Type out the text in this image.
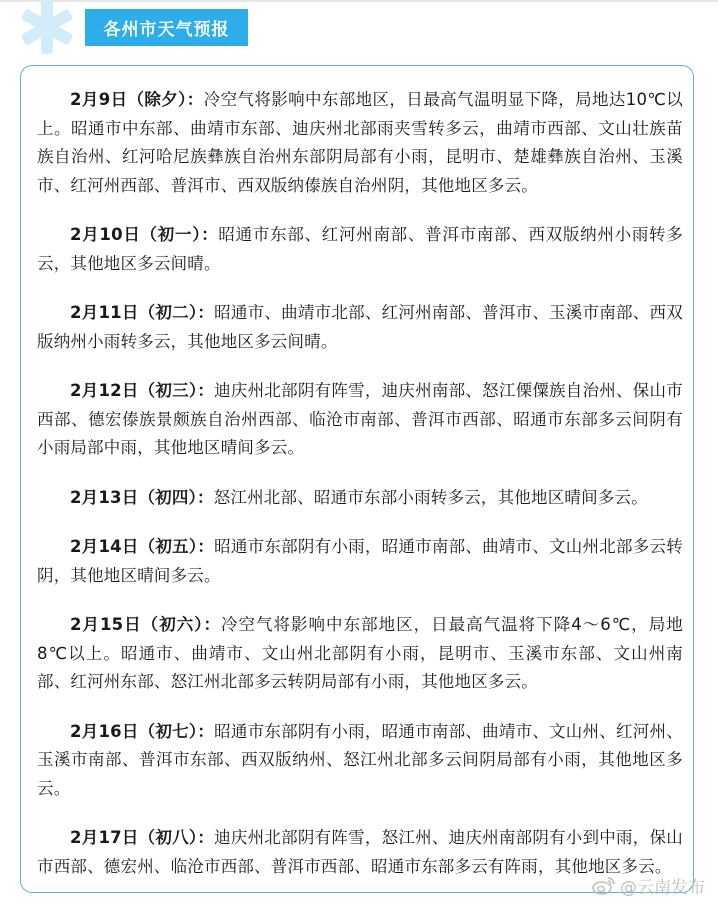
各州市天气预报

2月9日（除夕）：冷空气将影响中东部地区，日最高气温明显下降，局地达10℃以上。昭通市中东部、曲靖市东部、迪庆州北部雨夹雪转多云，曲靖市西部、文山壮族苗族自治州、红河哈尼族彝族自治州东部阴局部有小雨，昆明市、楚雄彝族自治州、玉溪市、红河州西部、普洱市、西双版纳傣族自治州阴，其他地区多云。

2月10日（初一）：昭通市东部、红河州南部、普洱市南部、西双版纳州小雨转多云，其他地区多云间晴。

2月11日（初二）：昭通市、曲靖市北部、红河州南部、普洱市、玉溪市南部、西双版纳州小雨转多云，其他地区多云间晴。

2月12日（初三）：迪庆州北部阴有阵雪，迪庆州南部、怒江傈僳族自治州、保山市西部、德宏傣族景颇族自治州西部、临沧市南部、普洱市西部、昭通市东部多云间阴有小雨局部中雨，其他地区晴间多云。

2月13日（初四）：怒江州北部、昭通市东部小雨转多云，其他地区晴间多云。

2月14日（初五）：昭通市东部阴有小雨，昭通市南部、曲靖市、文山州北部多云转阴，其他地区晴间多云。

2月15日（初六）：冷空气将影响中东部地区，日最高气温将下降4～6℃，局地8℃以上。昭通市、曲靖市、文山州北部阴有小雨，昆明市、玉溪市东部、文山州南部、红河州东部、怒江州北部多云转阴局部有小雨，其他地区多云。

2月16日（初七）：昭通市东部阴有小雨，昭通市南部、曲靖市、文山州、红河州、玉溪市南部、普洱市东部、西双版纳州、怒江州北部多云间阴局部有小雨，其他地区多云。

2月17日（初八）：迪庆州北部阴有阵雪，怒江州、迪庆州南部阴有小到中雨，保山市西部、德宏州、临沧市西部、普洱市西部、昭通市东部多云有阵雨，其他地区多云。

@云南发布
